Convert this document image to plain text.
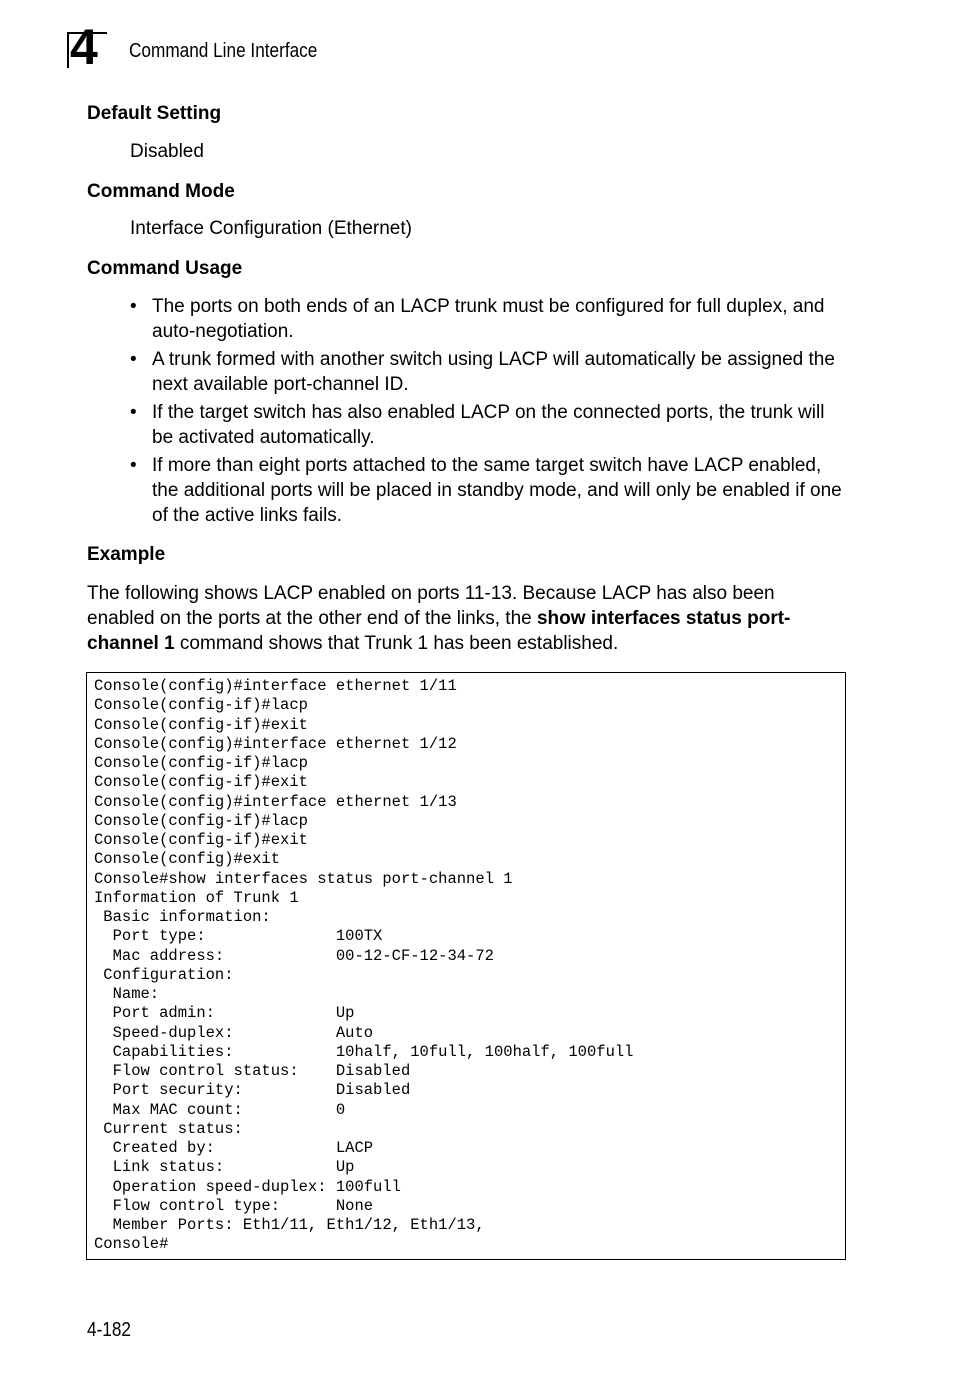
4 Command Line Interface
Default Setting
Disabled
Command Mode
Interface Configuration (Ethernet)
Command Usage
• The ports on both ends of an LACP trunk must be configured for full duplex, and auto-negotiation.
• A trunk formed with another switch using LACP will automatically be assigned the next available port-channel ID.
• If the target switch has also enabled LACP on the connected ports, the trunk will be activated automatically.
• If more than eight ports attached to the same target switch have LACP enabled, the additional ports will be placed in standby mode, and will only be enabled if one of the active links fails.
Example
The following shows LACP enabled on ports 11-13. Because LACP has also been enabled on the ports at the other end of the links, the show interfaces status port-channel 1 command shows that Trunk 1 has been established.
Console(config)#interface ethernet 1/11
Console(config-if)#lacp
Console(config-if)#exit
Console(config)#interface ethernet 1/12
Console(config-if)#lacp
Console(config-if)#exit
Console(config)#interface ethernet 1/13
Console(config-if)#lacp
Console(config-if)#exit
Console(config)#exit
Console#show interfaces status port-channel 1
Information of Trunk 1
Basic information:
Port type:              100TX
Mac address:            00-12-CF-12-34-72
Configuration:
Name:
Port admin:             Up
Speed-duplex:           Auto
Capabilities:           10half, 10full, 100half, 100full
Flow control status:    Disabled
Port security:          Disabled
Max MAC count:          0
Current status:
Created by:             LACP
Link status:            Up
Operation speed-duplex: 100full
Flow control type:      None
Member Ports: Eth1/11, Eth1/12, Eth1/13,
Console#
4-182
